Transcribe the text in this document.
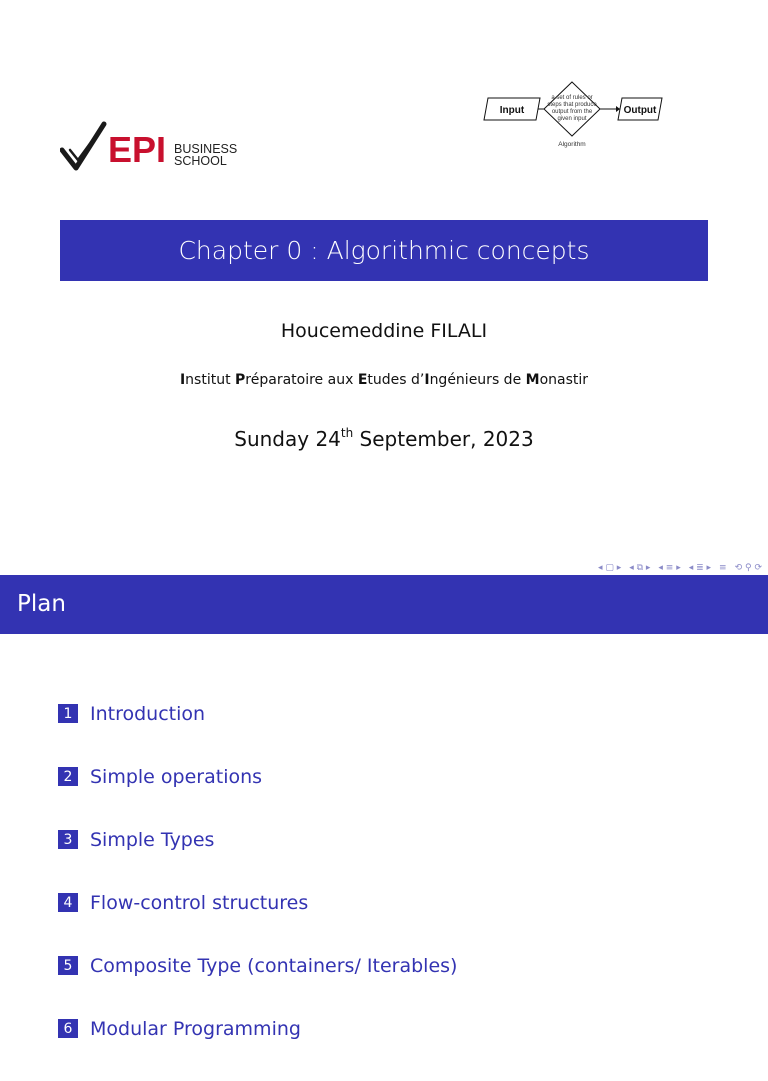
EPI BUSINESS
SCHOOL
Input
a set of rules or
steps that produce
output from the
given input
Output
Algorithm
Chapter 0 : Algorithmic concepts
Houcemeddine FILALI
Institut Préparatoire aux Etudes d’Ingénieurs de Monastir
Sunday 24th September, 2023
◂ ▢ ▸ ◂ ⧉ ▸ ◂ ≡ ▸ ◂ ≣ ▸ ≡ ⟲ ⚲ ⟳
Plan
1 Introduction
2 Simple operations
3 Simple Types
4 Flow-control structures
5 Composite Type (containers/ Iterables)
6 Modular Programming
